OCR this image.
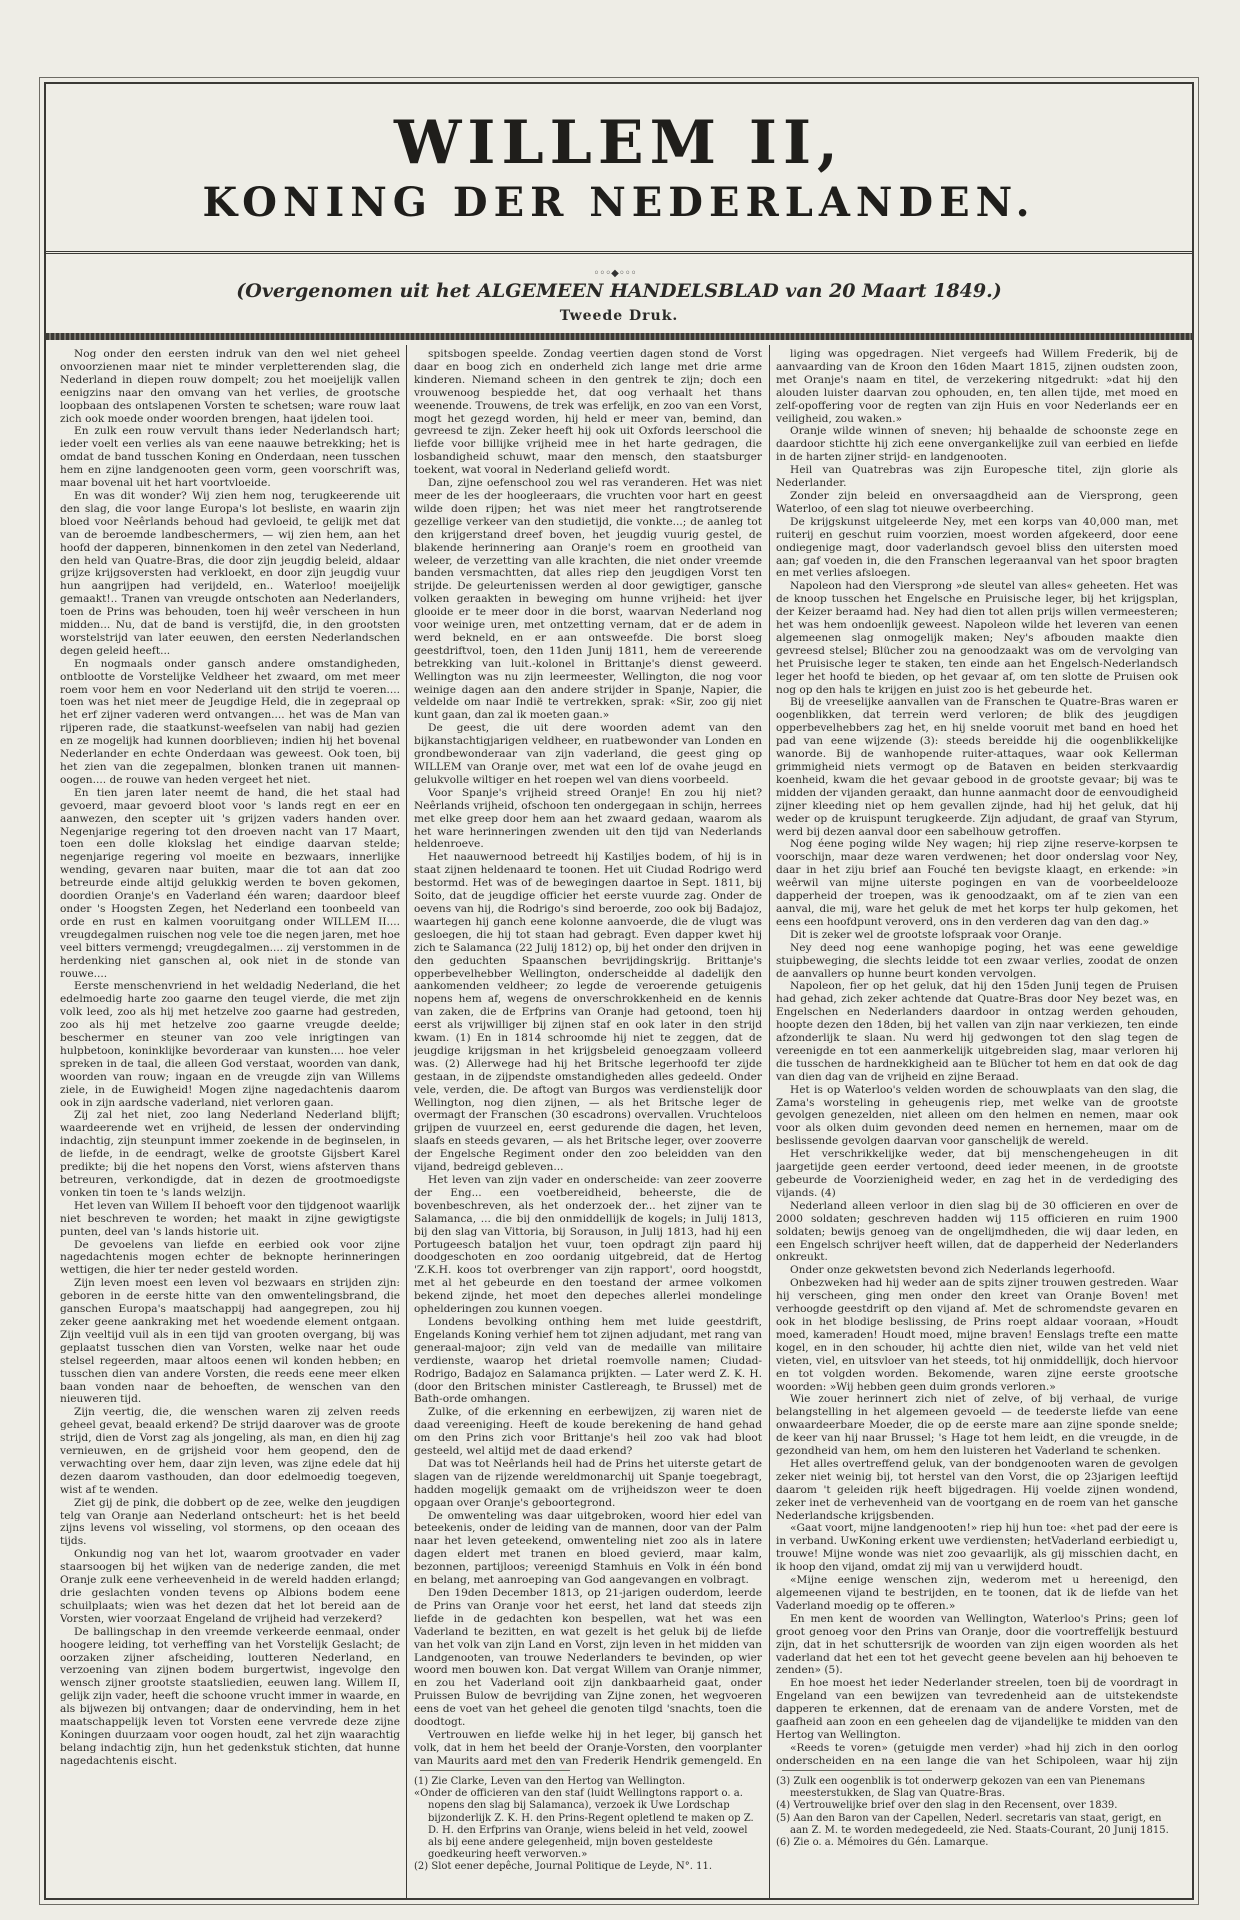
WILLEM II,
KONING DER NEDERLANDEN.
◦◦◦◆◦◦◦
(Overgenomen uit het ALGEMEEN HANDELSBLAD van 20 Maart 1849.)
Tweede Druk.

Nog onder den eersten indruk van den wel niet geheel onvoorzienen maar niet te minder verpletterenden slag, die Nederland in diepen rouw dompelt; zou het moeijelijk vallen eenigzins naar den omvang van het verlies, de grootsche loopbaan des ontslapenen Vorsten te schetsen; ware rouw laat zich ook moede onder woorden brengen, haat ijdelen tooi.

En zulk een rouw vervult thans ieder Nederlandsch hart; ieder voelt een verlies als van eene naauwe betrekking; het is omdat de band tusschen Koning en Onderdaan, neen tusschen hem en zijne landgenooten geen vorm, geen voorschrift was, maar bovenal uit het hart voortvloeide.

En was dit wonder? Wij zien hem nog, terugkeerende uit den slag, die voor lange Europa's lot besliste, en waarin zijn bloed voor Neêrlands behoud had gevloeid, te gelijk met dat van de beroemde landbeschermers, — wij zien hem, aan het hoofd der dapperen, binnenkomen in den zetel van Nederland, den held van Quatre-Bras, die door zijn jeugdig beleid, aldaar grijze krijgsoversten had verkloekt, en door zijn jeugdig vuur hun aangrijpen had verijdeld, en.. Waterloo! moeijelijk gemaakt!.. Tranen van vreugde ontschoten aan Nederlanders, toen de Prins was behouden, toen hij weêr verscheen in hun midden... Nu, dat de band is verstijfd, die, in den grootsten worstelstrijd van later eeuwen, den eersten Nederlandschen degen geleid heeft...

En nogmaals onder gansch andere omstandigheden, ontblootte de Vorstelijke Veldheer het zwaard, om met meer roem voor hem en voor Nederland uit den strijd te voeren.... toen was het niet meer de Jeugdige Held, die in zegepraal op het erf zijner vaderen werd ontvangen.... het was de Man van rijperen rade, die staatkunst-weefselen van nabij had gezien en ze mogelijk had kunnen doorblieven; indien hij het bovenal Nederlander en echte Onderdaan was geweest. Ook toen, bij het zien van die zegepalmen, blonken tranen uit mannen-oogen.... de rouwe van heden vergeet het niet.

En tien jaren later neemt de hand, die het staal had gevoerd, maar gevoerd bloot voor 's lands regt en eer en aanwezen, den scepter uit 's grijzen vaders handen over. Negenjarige regering tot den droeven nacht van 17 Maart, toen een dolle klokslag het eindige daarvan stelde; negenjarige regering vol moeite en bezwaars, innerlijke wending, gevaren naar buiten, maar die tot aan dat zoo betreurde einde altijd gelukkig werden te boven gekomen, doordien Oranje's en Vaderland één waren; daardoor bleef onder 's Hoogsten Zegen, het Nederland een toonbeeld van orde en rust en kalmen vooruitgang onder WILLEM II.... vreugdegalmen ruischen nog vele toe die negen jaren, met hoe veel bitters vermengd; vreugdegalmen.... zij verstommen in de herdenking niet ganschen al, ook niet in de stonde van rouwe....

Eerste menschenvriend in het weldadig Nederland, die het edelmoedig harte zoo gaarne den teugel vierde, die met zijn volk leed, zoo als hij met hetzelve zoo gaarne had gestreden, zoo als hij met hetzelve zoo gaarne vreugde deelde; beschermer en steuner van zoo vele inrigtingen van hulpbetoon, koninklijke bevorderaar van kunsten.... hoe veler spreken in de taal, die alleen God verstaat, woorden van dank, woorden van rouw; ingaan en de vreugde zijn van Willems ziele, in de Euwigheid! Mogen zijne nagedachtenis daarom ook in zijn aardsche vaderland, niet verloren gaan.

Zij zal het niet, zoo lang Nederland Nederland blijft; waardeerende wet en vrijheid, de lessen der ondervinding indachtig, zijn steunpunt immer zoekende in de beginselen, in de liefde, in de eendragt, welke de grootste Gijsbert Karel predikte; bij die het nopens den Vorst, wiens afsterven thans betreuren, verkondigde, dat in dezen de grootmoedigste vonken tin toen te 's lands welzijn.

Het leven van Willem II behoeft voor den tijdgenoot waarlijk niet beschreven te worden; het maakt in zijne gewigtigste punten, deel van 's lands historie uit.

De gevoelens van liefde en eerbied ook voor zijne nagedachtenis mogen echter de beknopte herinneringen wettigen, die hier ter neder gesteld worden.

Zijn leven moest een leven vol bezwaars en strijden zijn: geboren in de eerste hitte van den omwentelingsbrand, die ganschen Europa's maatschappij had aangegrepen, zou hij zeker geene aankraking met het woedende element ontgaan. Zijn veeltijd vuil als in een tijd van grooten overgang, bij was geplaatst tusschen dien van Vorsten, welke naar het oude stelsel regeerden, maar altoos eenen wil konden hebben; en tusschen dien van andere Vorsten, die reeds eene meer elken baan vonden naar de behoeften, de wenschen van den nieuweren tijd.

Zijn veertig, die, die wenschen waren zij zelven reeds geheel gevat, beaald erkend? De strijd daarover was de groote strijd, dien de Vorst zag als jongeling, als man, en dien hij zag vernieuwen, en de grijsheid voor hem geopend, den de verwachting over hem, daar zijn leven, was zijne edele dat hij dezen daarom vasthouden, dan door edelmoedig toegeven, wist af te wenden.

Ziet gij de pink, die dobbert op de zee, welke den jeugdigen telg van Oranje aan Nederland ontscheurt: het is het beeld zijns levens vol wisseling, vol stormens, op den oceaan des tijds.

Onkundig nog van het lot, waarom grootvader en vader staarsoogen bij het wijken van de nederige zanden, die met Oranje zulk eene verheevenheid in de wereld hadden erlangd; drie geslachten vonden tevens op Albions bodem eene schuilplaats; wien was het dezen dat het lot bereid aan de Vorsten, wier voorzaat Engeland de vrijheid had verzekerd?

De ballingschap in den vreemde verkeerde eenmaal, onder hoogere leiding, tot verheffing van het Vorstelijk Geslacht; de oorzaken zijner afscheiding, loutteren Nederland, en verzoening van zijnen bodem burgertwist, ingevolge den wensch zijner grootste staatsliedien, eeuwen lang. Willem II, gelijk zijn vader, heeft die schoone vrucht immer in waarde, en als bijwezen bij ontvangen; daar de ondervinding, hem in het maatschappelijk leven tot Vorsten eene vervrede deze zijne Koningen duurzaam voor oogen houdt, zal het zijn waarachtig belang indachtig zijn, hun het gedenkstuk stichten, dat hunne nagedachtenis eischt.

spitsbogen speelde. Zondag veertien dagen stond de Vorst daar en boog zich en onderheld zich lange met drie arme kinderen. Niemand scheen in den gentrek te zijn; doch een vrouwenoog bespiedde het, dat oog verhaalt het thans weenende. Trouwens, de trek was erfelijk, en zoo van een Vorst, mogt het gezegd worden, hij held er meer van, bemind, dan gevreesd te zijn. Zeker heeft hij ook uit Oxfords leerschool die liefde voor billijke vrijheid mee in het harte gedragen, die losbandigheid schuwt, maar den mensch, den staatsburger toekent, wat vooral in Nederland geliefd wordt.

Dan, zijne oefenschool zou wel ras veranderen. Het was niet meer de les der hoogleeraars, die vruchten voor hart en geest wilde doen rijpen; het was niet meer het rangtrotserende gezellige verkeer van den studietijd, die vonkte...; de aanleg tot den krijgerstand dreef boven, het jeugdig vuurig gestel, de blakende herinnering aan Oranje's roem en grootheid van weleer, de verzetting van alle krachten, die niet onder vreemde banden versmachtten, dat alles riep den jeugdigen Vorst ten strijde. De geleurtenissen werden al door gewigtiger, gansche volken geraakten in beweging om hunne vrijheid: het ijver glooide er te meer door in die borst, waarvan Nederland nog voor weinige uren, met ontzetting vernam, dat er de adem in werd bekneld, en er aan ontsweefde. Die borst sloeg geestdriftvol, toen, den 11den Junij 1811, hem de vereerende betrekking van luit.-kolonel in Brittanje's dienst geweerd. Wellington was nu zijn leermeester, Wellington, die nog voor weinige dagen aan den andere strijder in Spanje, Napier, die veldelde om naar Indië te vertrekken, sprak: «Sir, zoo gij niet kunt gaan, dan zal ik moeten gaan.»

De geest, die uit dere woorden ademt van den bijkanstachtigjarigen veldheer, en ruatbewonder van Londen en grondbewonderaar van zijn vaderland, die geest ging op WILLEM van Oranje over, met wat een lof de ovahe jeugd en gelukvolle wiltiger en het roepen wel van diens voorbeeld.

Voor Spanje's vrijheid streed Oranje! En zou hij niet? Neêrlands vrijheid, ofschoon ten ondergegaan in schijn, herrees met elke greep door hem aan het zwaard gedaan, waarom als het ware herinneringen zwenden uit den tijd van Nederlands heldenroeve.

Het naauwernood betreedt hij Kastiljes bodem, of hij is in staat zijnen heldenaard te toonen. Het uit Ciudad Rodrigo werd bestormd. Het was of de bewegingen daartoe in Sept. 1811, bij Soito, dat de jeugdige officier het eerste vuurde zag. Onder de oevens van hij, die Rodrigo's sind beroerde, zoo ook bij Badajoz, waartegen hij ganch eene kolonne aanvoerde, die de vlugt was gesloegen, die hij tot staan had gebragt. Even dapper kwet hij zich te Salamanca (22 Julij 1812) op, bij het onder den drijven in den geduchten Spaanschen bevrijdingskrijg. Brittanje's opperbevelhebber Wellington, onderscheidde al dadelijk den aankomenden veldheer; zo legde de veroerende getuigenis nopens hem af, wegens de onverschrokkenheid en de kennis van zaken, die de Erfprins van Oranje had getoond, toen hij eerst als vrijwilliger bij zijnen staf en ook later in den strijd kwam. (1) En in 1814 schroomde hij niet te zeggen, dat de jeugdige krijgsman in het krijgsbeleid genoegzaam volleerd was. (2) Allerwege had hij het Britsche legerhoofd ter zijde gestaan, in de zijpendste omstandigheden alles gedeeld. Onder vele, verden, die. De aftogt van Burgos was verdienstelijk door Wellington, nog dien zijnen, — als het Britsche leger de overmagt der Franschen (30 escadrons) overvallen. Vruchteloos grijpen de vuurzeel en, eerst gedurende die dagen, het leven, slaafs en steeds gevaren, — als het Britsche leger, over zooverre der Engelsche Regiment onder den zoo beleidden van den vijand, bedreigd gebleven...

Het leven van zijn vader en onderscheide: van zeer zooverre der Eng... een voetbereidheid, beheerste, die de bovenbeschreven, als het onderzoek der... het zijner van te Salamanca, ... die bij den onmiddellijk de kogels; in Julij 1813, bij den slag van Vittoria, bij Sorauson, in Julij 1813, had hij een Portugeesch bataljon het vuur, toen opdragt zijn paard hij doodgeschoten en zoo oordanig uitgebreid, dat de Hertog 'Z.K.H. koos tot overbrenger van zijn rapport', oord hoogstdt, met al het gebeurde en den toestand der armee volkomen bekend zijnde, het moet den depeches allerlei mondelinge ophelderingen zou kunnen voegen.

Londens bevolking onthing hem met luide geestdrift, Engelands Koning verhief hem tot zijnen adjudant, met rang van generaal-majoor; zijn veld van de medaille van militaire verdienste, waarop het drietal roemvolle namen; Ciudad-Rodrigo, Badajoz en Salamanca prijkten. — Later werd Z. K. H. (door den Britschen minister Castlereagh, te Brussel) met de Bath-orde omhangen.

Zulke, of die erkenning en eerbewijzen, zij waren niet de daad vereeniging. Heeft de koude berekening de hand gehad om den Prins zich voor Brittanje's heil zoo vak had bloot gesteeld, wel altijd met de daad erkend?

Dat was tot Neêrlands heil had de Prins het uiterste getart de slagen van de rijzende wereldmonarchij uit Spanje toegebragt, hadden mogelijk gemaakt om de vrijheidszon weer te doen opgaan over Oranje's geboortegrond.

De omwenteling was daar uitgebroken, woord hier edel van beteekenis, onder de leiding van de mannen, door van der Palm naar het leven geteekend, omwenteling niet zoo als in latere dagen eldert met tranen en bloed gevierd, maar kalm, bezonnen, partijloos; vereenigd Stamhuis en Volk in één bond en belang, met aanroeping van God aangevangen en volbragt.

Den 19den December 1813, op 21-jarigen ouderdom, leerde de Prins van Oranje voor het eerst, het land dat steeds zijn liefde in de gedachten kon bespellen, wat het was een Vaderland te bezitten, en wat gezelt is het geluk bij de liefde van het volk van zijn Land en Vorst, zijn leven in het midden van Landgenooten, van trouwe Nederlanders te bevinden, op wier woord men bouwen kon. Dat vergat Willem van Oranje nimmer, en zou het Vaderland ooit zijn dankbaarheid gaat, onder Pruissen Bulow de bevrijding van Zijne zonen, het wegvoeren eens de voet van het geheel die genoten tilgd 'snachts, toen die doodtogt.

Vertrouwen en liefde welke hij in het leger, bij gansch het volk, dat in hem het beeld der Oranje-Vorsten, den voorplanter van Maurits aard met den van Frederik Hendrik gemengeld. En

liging was opgedragen. Niet vergeefs had Willem Frederik, bij de aanvaarding van de Kroon den 16den Maart 1815, zijnen oudsten zoon, met Oranje's naam en titel, de verzekering nitgedrukt: »dat hij den alouden luister daarvan zou ophouden, en, ten allen tijde, met moed en zelf-opoffering voor de regten van zijn Huis en voor Nederlands eer en veiligheid, zou waken.»

Oranje wilde winnen of sneven; hij behaalde de schoonste zege en daardoor stichtte hij zich eene onvergankelijke zuil van eerbied en liefde in de harten zijner strijd- en landgenooten.

Heil van Quatrebras was zijn Europesche titel, zijn glorie als Nederlander.

Zonder zijn beleid en onversaagdheid aan de Viersprong, geen Waterloo, of een slag tot nieuwe overbeerching.

De krijgskunst uitgeleerde Ney, met een korps van 40,000 man, met ruiterij en geschut ruim voorzien, moest worden afgekeerd, door eene ondiegenige magt, door vaderlandsch gevoel bliss den uitersten moed aan; gaf voeden in, die den Franschen legeraanval van het spoor bragten en met verlies afsloegen.

Napoleon had den Viersprong »de sleutel van alles« geheeten. Het was de knoop tusschen het Engelsche en Pruisische leger, bij het krijgsplan, der Keizer beraamd had. Ney had dien tot allen prijs willen vermeesteren; het was hem ondoenlijk geweest. Napoleon wilde het leveren van eenen algemeenen slag onmogelijk maken; Ney's afbouden maakte dien gevreesd stelsel; Blücher zou na genoodzaakt was om de vervolging van het Pruisische leger te staken, ten einde aan het Engelsch-Nederlandsch leger het hoofd te bieden, op het gevaar af, om ten slotte de Pruisen ook nog op den hals te krijgen en juist zoo is het gebeurde het.

Bij de vreeselijke aanvallen van de Franschen te Quatre-Bras waren er oogenblikken, dat terrein werd verloren; de blik des jeugdigen opperbevelhebbers zag het, en hij snelde vooruit met band en hoed het pad van eene wijzende (3): steeds bereidde hij die oogenblikkelijke wanorde. Bij de wanhopende ruiter-attaques, waar ook Kellerman grimmigheid niets vermogt op de Bataven en beiden sterkvaardig koenheid, kwam die het gevaar gebood in de grootste gevaar; bij was te midden der vijanden geraakt, dan hunne aanmacht door de eenvoudigheid zijner kleeding niet op hem gevallen zijnde, had hij het geluk, dat hij weder op de kruispunt terugkeerde. Zijn adjudant, de graaf van Styrum, werd bij dezen aanval door een sabelhouw getroffen.

Nog éene poging wilde Ney wagen; hij riep zijne reserve-korpsen te voorschijn, maar deze waren verdwenen; het door onderslag voor Ney, daar in het ziju brief aan Fouché ten bevigste klaagt, en erkende: »in weêrwil van mijne uiterste pogingen en van de voorbeeldelooze dapperheid der troepen, was ik genoodzaakt, om af te zien van een aanval, die mij, ware het geluk de met het korps ter hulp gekomen, het eens een hoofdpunt veroverd, ons in den verderen dag van den dag.»

Dit is zeker wel de grootste lofspraak voor Oranje.

Ney deed nog eene wanhopige poging, het was eene geweldige stuipbeweging, die slechts leidde tot een zwaar verlies, zoodat de onzen de aanvallers op hunne beurt konden vervolgen.

Napoleon, fier op het geluk, dat hij den 15den Junij tegen de Pruisen had gehad, zich zeker achtende dat Quatre-Bras door Ney bezet was, en Engelschen en Nederlanders daardoor in ontzag werden gehouden, hoopte dezen den 18den, bij het vallen van zijn naar verkiezen, ten einde afzonderlijk te slaan. Nu werd hij gedwongen tot den slag tegen de vereenigde en tot een aanmerkelijk uitgebreiden slag, maar verloren hij die tusschen de hardnekkigheid aan te Blücher tot hem en dat ook de dag van dien dag van de vrijheid en zijne Beraad.

Het is op Waterloo's velden worden de schouwplaats van den slag, die Zama's worsteling in geheugenis riep, met welke van de grootste gevolgen genezelden, niet alleen om den helmen en nemen, maar ook voor als olken duim gevonden deed nemen en hernemen, maar om de beslissende gevolgen daarvan voor ganschelijk de wereld.

Het verschrikkelijke weder, dat bij menschengeheugen in dit jaargetijde geen eerder vertoond, deed ieder meenen, in de grootste gebeurde de Voorzienigheid weder, en zag het in de verdediging des vijands. (4)

Nederland alleen verloor in dien slag bij de 30 officieren en over de 2000 soldaten; geschreven hadden wij 115 officieren en ruim 1900 soldaten; bewijs genoeg van de ongelijmdheden, die wij daar leden, en een Engelsch schrijver heeft willen, dat de dapperheid der Nederlanders onkreukt.

Onder onze gekwetsten bevond zich Nederlands legerhoofd.

Onbezweken had hij weder aan de spits zijner trouwen gestreden. Waar hij verscheen, ging men onder den kreet van Oranje Boven! met verhoogde geestdrift op den vijand af. Met de schromendste gevaren en ook in het blodige beslissing, de Prins roept aldaar vooraan, »Houdt moed, kameraden! Houdt moed, mijne braven! Eenslags trefte een matte kogel, en in den schouder, hij achtte dien niet, wilde van het veld niet vieten, viel, en uitsvloer van het steeds, tot hij onmiddellijk, doch hiervoor en tot volgden worden. Bekomende, waren zijne eerste grootsche woorden: »Wij hebben geen duim gronds verloren.»

Wie zouer herinnert zich niet of zelve, of bij verhaal, de vurige belangstelling in het algemeen gevoeld — de teederste liefde van eene onwaardeerbare Moeder, die op de eerste mare aan zijne sponde snelde; de keer van hij naar Brussel; 's Hage tot hem leidt, en die vreugde, in de gezondheid van hem, om hem den luisteren het Vaderland te schenken.

Het alles overtreffend geluk, van der bondgenooten waren de gevolgen zeker niet weinig bij, tot herstel van den Vorst, die op 23jarigen leeftijd daarom 't geleiden rijk heeft bijgedragen. Hij voelde zijnen wondend, zeker inet de verhevenheid van de voortgang en de roem van het gansche Nederlandsche krijgsbenden.

«Gaat voort, mijne landgenooten!» riep hij hun toe: «het pad der eere is in verband. UwKoning erkent uwe verdiensten; hetVaderland eerbiedigt u, trouwe! Mijne wonde was niet zoo gevaarlijk, als gij misschien dacht, en ik hoop den vijand, omdat zij mij van u verwijderd houdt.

«Mijne eenige wenschen zijn, wederom met u hereenigd, den algemeenen vijand te bestrijden, en te toonen, dat ik de liefde van het Vaderland moedig op te offeren.»

En men kent de woorden van Wellington, Waterloo's Prins; geen lof groot genoeg voor den Prins van Oranje, door die voortreffelijk bestuurd zijn, dat in het schuttersrijk de woorden van zijn eigen woorden als het vaderland dat het een tot het gevecht geene bevelen aan hij behoeven te zenden» (5).

En hoe moest het ieder Nederlander streelen, toen bij de voordragt in Engeland van een bewijzen van tevredenheid aan de uitstekendste dapperen te erkennen, dat de erenaam van de andere Vorsten, met de gaafheid aan zoon en een geheelen dag de vijandelijke te midden van den Hertog van Wellington.

«Reeds te voren» (getuigde men verder) »had hij zich in den oorlog onderscheiden en na een lange die van het Schipoleen, waar hij zijn

(1) Zie Clarke, Leven van den Hertog van Wellington.
«Onder de officieren van den staf (luidt Wellingtons rapport o. a. nopens den slag bij Salamanca), verzoek ik Uwe Lordschap bijzonderlijk Z. K. H. den Prins-Regent opletlend te maken op Z. D. H. den Erfprins van Oranje, wiens beleid in het veld, zoowel als bij eene andere gelegenheid, mijn boven gesteldeste goedkeuring heeft verworven.»
(2) Slot eener depêche, Journal Politique de Leyde, N°. 11.
(3) Zulk een oogenblik is tot onderwerp gekozen van een van Pienemans meesterstukken, de Slag van Quatre-Bras.
(4) Vertrouwelijke brief over den slag in den Recensent, over 1839.
(5) Aan den Baron van der Capellen, Nederl. secretaris van staat, gerigt, en aan Z. M. te worden medegedeeld, zie Ned. Staats-Courant, 20 Junij 1815.
(6) Zie o. a. Mémoires du Gén. Lamarque.
